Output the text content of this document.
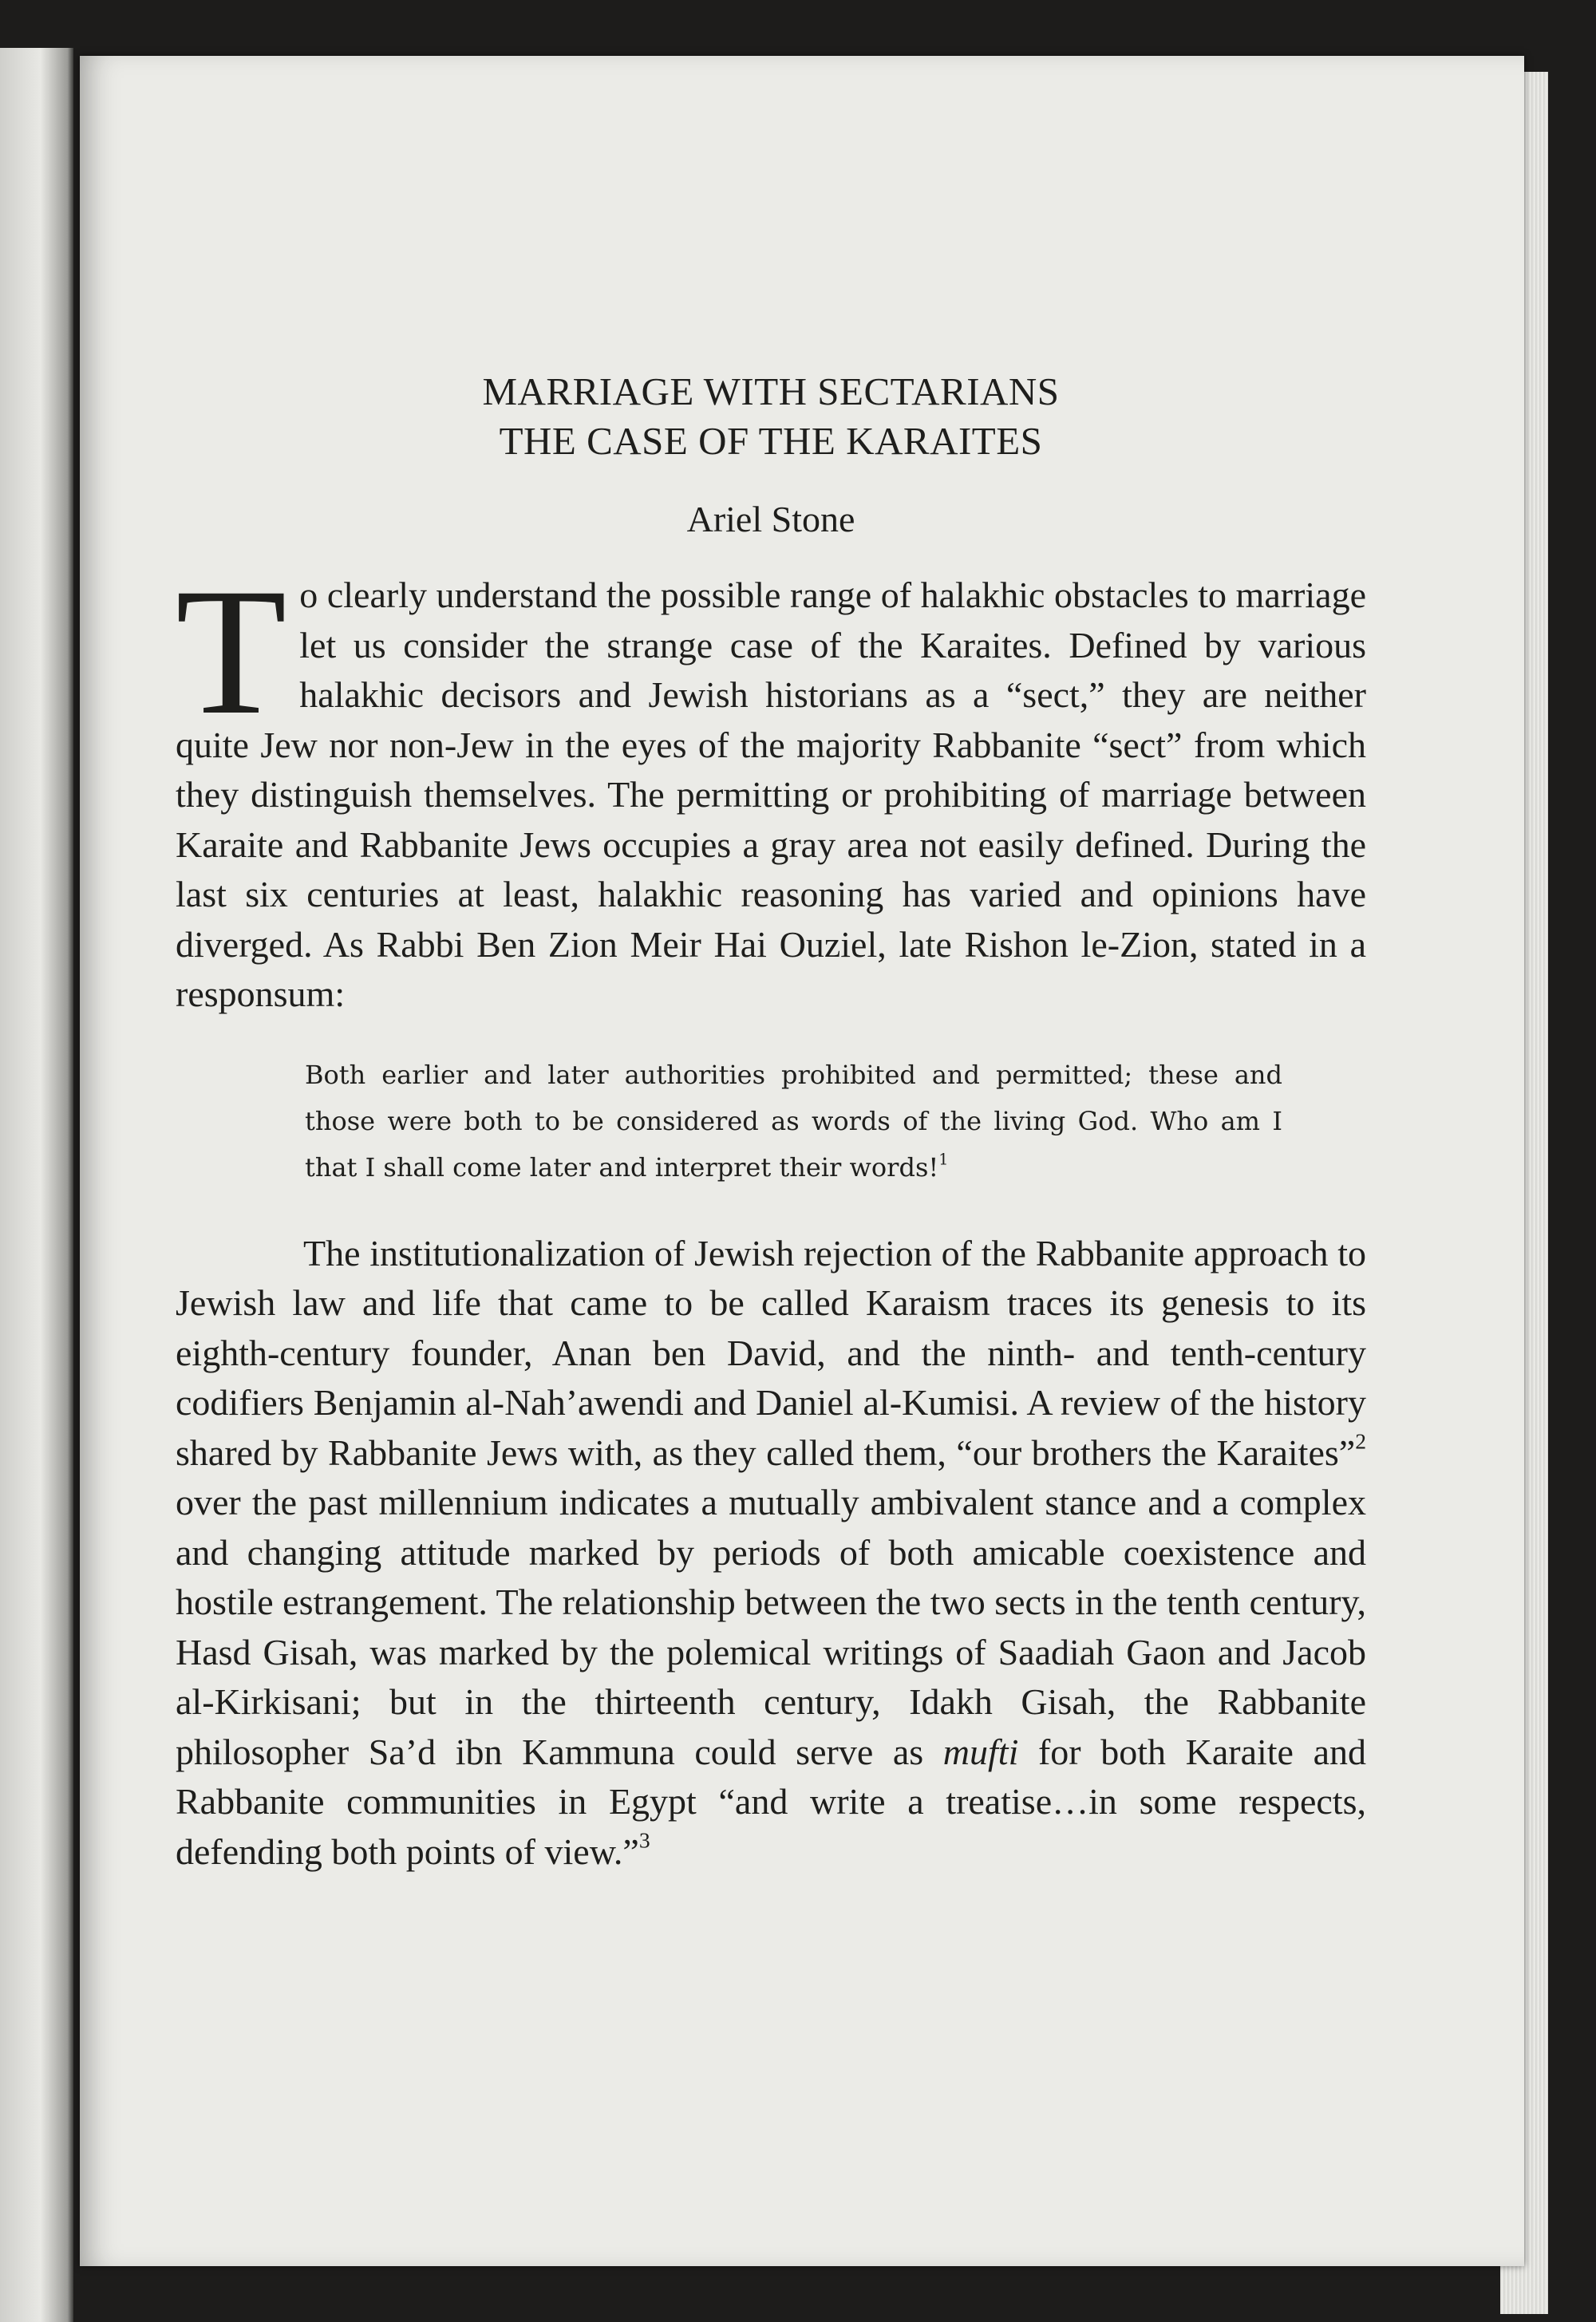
MARRIAGE WITH SECTARIANS
THE CASE OF THE KARAITES
Ariel Stone

To clearly understand the possible range of halakhic obstacles to marriage let us consider the strange case of the Karaites. Defined by various halakhic decisors and Jewish historians as a “sect,” they are neither quite Jew nor non-Jew in the eyes of the majority Rabbanite “sect” from which they distinguish themselves. The permitting or prohibiting of marriage between Karaite and Rabbanite Jews occupies a gray area not easily defined. During the last six centuries at least, halakhic reasoning has varied and opinions have diverged. As Rabbi Ben Zion Meir Hai Ouziel, late Rishon le-Zion, stated in a responsum:

Both earlier and later authorities prohibited and permitted; these and those were both to be considered as words of the living God. Who am I that I shall come later and interpret their words!$^1$

The institutionalization of Jewish rejection of the Rabbanite approach to Jewish law and life that came to be called Karaism traces its genesis to its eighth-century founder, Anan ben David, and the ninth- and tenth-century codifiers Benjamin al-Nah’awendi and Daniel al-Kumisi. A review of the history shared by Rabbanite Jews with, as they called them, “our brothers the Karaites”$^2$ over the past millennium indicates a mutually ambivalent stance and a complex and changing attitude marked by periods of both amicable coexistence and hostile estrangement. The relationship between the two sects in the tenth century, Hasd Gisah, was marked by the polemical writings of Saadiah Gaon and Jacob al-Kirkisani; but in the thirteenth century, Idakh Gisah, the Rabbanite philosopher Sa’d ibn Kammuna could serve as mufti for both Karaite and Rabbanite communities in Egypt “and write a treatise…in some respects, defending both points of view.”$^3$
